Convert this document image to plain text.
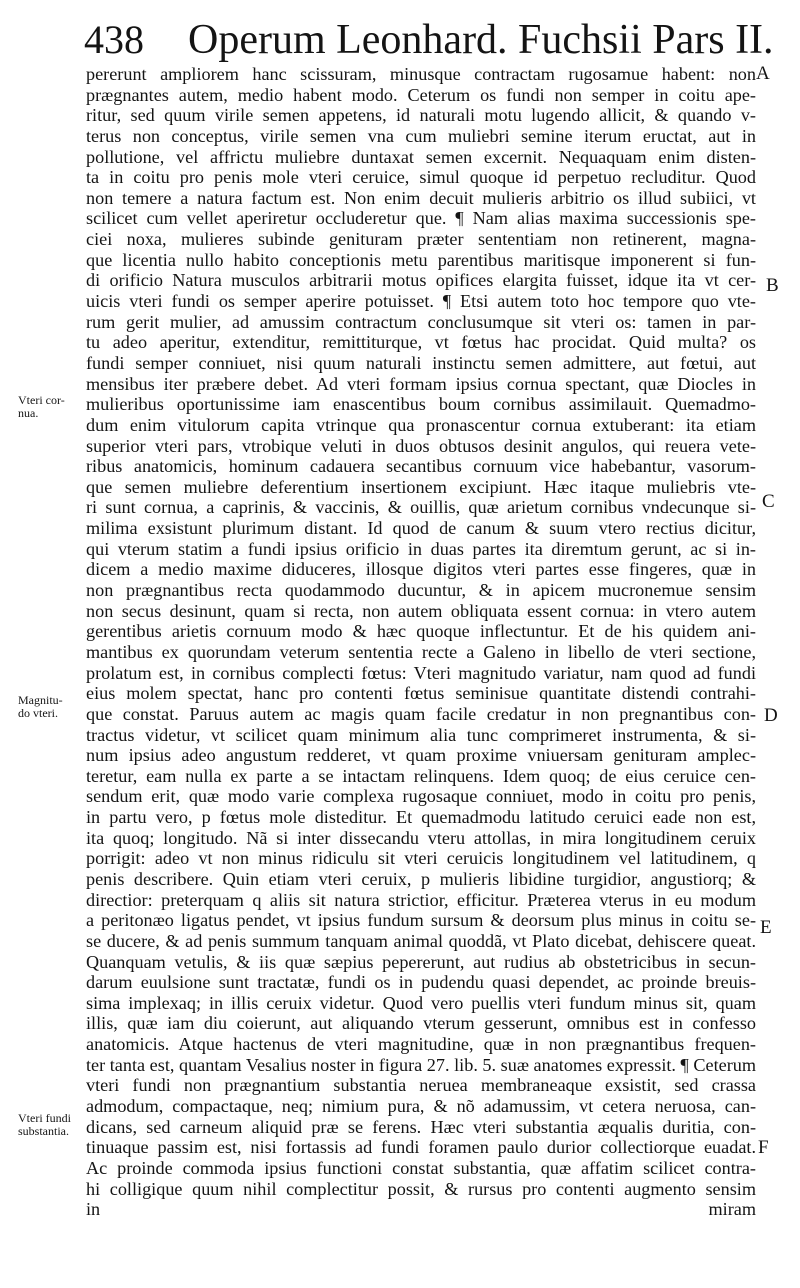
438 Operum Leonhard. Fuchsii Pars II.
pererunt ampliorem hanc scissuram, minusque contractam rugosamue habent: non
prægnantes autem, medio habent modo. Ceterum os fundi non semper in coitu ape-
ritur, sed quum virile semen appetens, id naturali motu lugendo allicit, & quando v-
terus non conceptus, virile semen vna cum muliebri semine iterum eructat, aut in
pollutione, vel affrictu muliebre duntaxat semen excernit. Nequaquam enim disten-
ta in coitu pro penis mole vteri ceruice, simul quoque id perpetuo recluditur. Quod
non temere a natura factum est. Non enim decuit mulieris arbitrio os illud subiici, vt
scilicet cum vellet aperiretur occluderetur que. ¶ Nam alias maxima successionis spe-
ciei noxa, mulieres subinde genituram præter sententiam non retinerent, magna-
que licentia nullo habito conceptionis metu parentibus maritisque imponerent si fun-
di orificio Natura musculos arbitrarii motus opifices elargita fuisset, idque ita vt cer-
uicis vteri fundi os semper aperire potuisset. ¶ Etsi autem toto hoc tempore quo vte-
rum gerit mulier, ad amussim contractum conclusumque sit vteri os: tamen in par-
tu adeo aperitur, extenditur, remittiturque, vt fœtus hac procidat. Quid multa? os
fundi semper conniuet, nisi quum naturali instinctu semen admittere, aut fœtui, aut
mensibus iter præbere debet. Ad vteri formam ipsius cornua spectant, quæ Diocles in
mulieribus oportunissime iam enascentibus boum cornibus assimilauit. Quemadmo-
dum enim vitulorum capita vtrinque qua pronascentur cornua extuberant: ita etiam
superior vteri pars, vtrobique veluti in duos obtusos desinit angulos, qui reuera vete-
ribus anatomicis, hominum cadauera secantibus cornuum vice habebantur, vasorum-
que semen muliebre deferentium insertionem excipiunt. Hæc itaque muliebris vte-
ri sunt cornua, a caprinis, & vaccinis, & ouillis, quæ arietum cornibus vndecunque si-
milima exsistunt plurimum distant. Id quod de canum & suum vtero rectius dicitur,
qui vterum statim a fundi ipsius orificio in duas partes ita diremtum gerunt, ac si in-
dicem a medio maxime diduceres, illosque digitos vteri partes esse fingeres, quæ in
non prægnantibus recta quodammodo ducuntur, & in apicem mucronemue sensim
non secus desinunt, quam si recta, non autem obliquata essent cornua: in vtero autem
gerentibus arietis cornuum modo & hæc quoque inflectuntur. Et de his quidem ani-
mantibus ex quorundam veterum sententia recte a Galeno in libello de vteri sectione,
prolatum est, in cornibus complecti fœtus: Vteri magnitudo variatur, nam quod ad fundi
eius molem spectat, hanc pro contenti fœtus seminisue quantitate distendi contrahi-
que constat. Paruus autem ac magis quam facile credatur in non pregnantibus con-
tractus videtur, vt scilicet quam minimum alia tunc comprimeret instrumenta, & si-
num ipsius adeo angustum redderet, vt quam proxime vniuersam genituram amplec-
teretur, eam nulla ex parte a se intactam relinquens. Idem quoq; de eius ceruice cen-
sendum erit, quæ modo varie complexa rugosaque conniuet, modo in coitu pro penis,
in partu vero, p fœtus mole disteditur. Et quemadmodu latitudo ceruici eade non est,
ita quoq; longitudo. Nã si inter dissecandu vteru attollas, in mira longitudinem ceruix
porrigit: adeo vt non minus ridiculu sit vteri ceruicis longitudinem vel latitudinem, q
penis describere. Quin etiam vteri ceruix, p mulieris libidine turgidior, angustiorq; &
directior: preterquam q aliis sit natura strictior, efficitur. Præterea vterus in eu modum
a peritonæo ligatus pendet, vt ipsius fundum sursum & deorsum plus minus in coitu se-
se ducere, & ad penis summum tanquam animal quoddã, vt Plato dicebat, dehiscere queat.
Quanquam vetulis, & iis quæ sæpius pepererunt, aut rudius ab obstetricibus in secun-
darum euulsione sunt tractatæ, fundi os in pudendu quasi dependet, ac proinde breuis-
sima implexaq; in illis ceruix videtur. Quod vero puellis vteri fundum minus sit, quam
illis, quæ iam diu coierunt, aut aliquando vterum gesserunt, omnibus est in confesso
anatomicis. Atque hactenus de vteri magnitudine, quæ in non prægnantibus frequen-
ter tanta est, quantam Vesalius noster in figura 27. lib. 5. suæ anatomes expressit. ¶ Ceterum
vteri fundi non prægnantium substantia neruea membraneaque exsistit, sed crassa
admodum, compactaque, neq; nimium pura, & nõ adamussim, vt cetera neruosa, can-
dicans, sed carneum aliquid præ se ferens. Hæc vteri substantia æqualis duritia, con-
tinuaque passim est, nisi fortassis ad fundi foramen paulo durior collectiorque euadat.
Ac proinde commoda ipsius functioni constat substantia, quæ affatim scilicet contra-
hi colligique quum nihil complectitur possit, & rursus pro contenti augmento sensim
in miram
Vteri cor-
nua.
Magnitu-
do vteri.
Vteri fundi
substantia.
A
B
C
D
E
F
